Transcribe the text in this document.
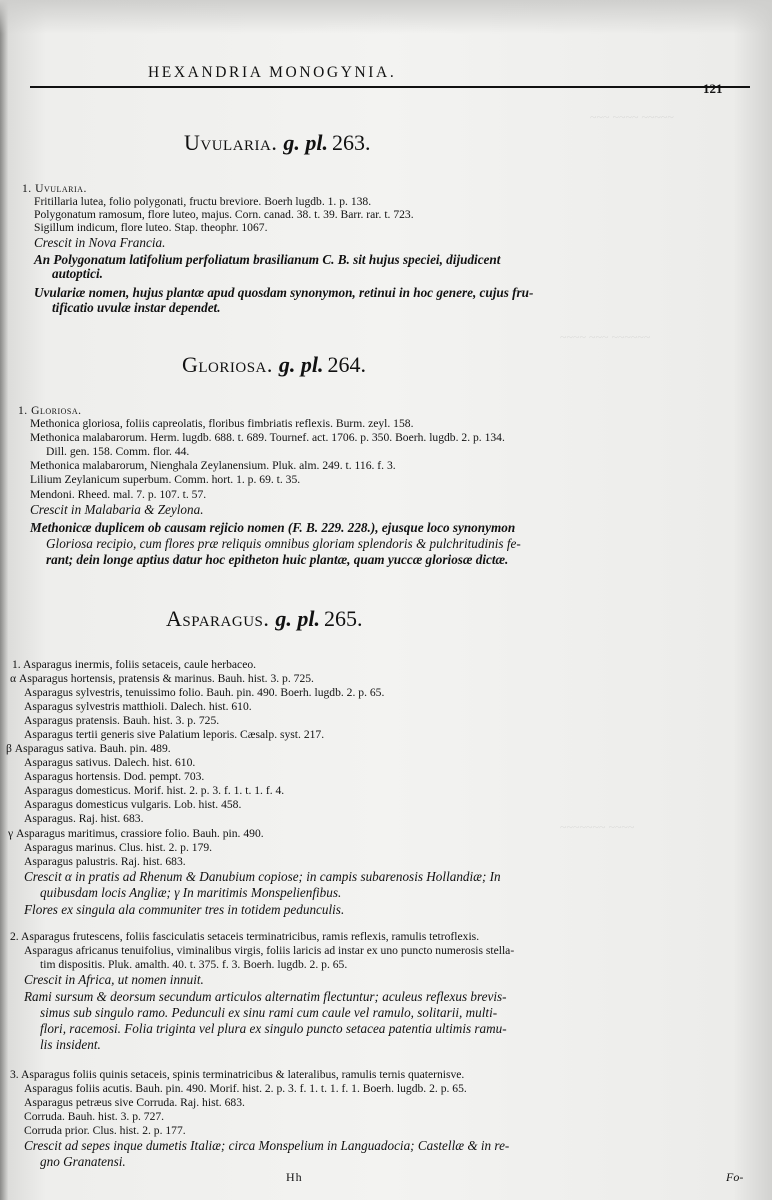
~~~ ~~~~ ~~~~~
~~~~ ~~~ ~~~~~~
~~~~~~~ ~~~~
HEXANDRIA MONOGYNIA.
121
Uvularia. g. pl. 263.
1. Uvularia.
Fritillaria lutea, folio polygonati, fructu breviore. Boerh lugdb. 1. p. 138.
Polygonatum ramosum, flore luteo, majus. Corn. canad. 38. t. 39. Barr. rar. t. 723.
Sigillum indicum, flore luteo. Stap. theophr. 1067.
Crescit in Nova Francia.
An Polygonatum latifolium perfoliatum brasilianum C. B. sit hujus speciei, dijudicent
autoptici.
Uvulariæ nomen, hujus plantæ apud quosdam synonymon, retinui in hoc genere, cujus fru-
tificatio uvulæ instar dependet.
Gloriosa. g. pl. 264.
1. Gloriosa.
Methonica gloriosa, foliis capreolatis, floribus fimbriatis reflexis. Burm. zeyl. 158.
Methonica malabarorum. Herm. lugdb. 688. t. 689. Tournef. act. 1706. p. 350. Boerh. lugdb. 2. p. 134.
Dill. gen. 158. Comm. flor. 44.
Methonica malabarorum, Nienghala Zeylanensium. Pluk. alm. 249. t. 116. f. 3.
Lilium Zeylanicum superbum. Comm. hort. 1. p. 69. t. 35.
Mendoni. Rheed. mal. 7. p. 107. t. 57.
Crescit in Malabaria & Zeylona.
Methonicæ duplicem ob causam rejicio nomen (F. B. 229. 228.), ejusque loco synonymon
Gloriosa recipio, cum flores præ reliquis omnibus gloriam splendoris & pulchritudinis fe-
rant; dein longe aptius datur hoc epitheton huic plantæ, quam yuccæ gloriosæ dictæ.
Asparagus. g. pl. 265.
1. Asparagus inermis, foliis setaceis, caule herbaceo.
α Asparagus hortensis, pratensis & marinus. Bauh. hist. 3. p. 725.
Asparagus sylvestris, tenuissimo folio. Bauh. pin. 490. Boerh. lugdb. 2. p. 65.
Asparagus sylvestris matthioli. Dalech. hist. 610.
Asparagus pratensis. Bauh. hist. 3. p. 725.
Asparagus tertii generis sive Palatium leporis. Cæsalp. syst. 217.
β Asparagus sativa. Bauh. pin. 489.
Asparagus sativus. Dalech. hist. 610.
Asparagus hortensis. Dod. pempt. 703.
Asparagus domesticus. Morif. hist. 2. p. 3. f. 1. t. 1. f. 4.
Asparagus domesticus vulgaris. Lob. hist. 458.
Asparagus. Raj. hist. 683.
γ Asparagus maritimus, crassiore folio. Bauh. pin. 490.
Asparagus marinus. Clus. hist. 2. p. 179.
Asparagus palustris. Raj. hist. 683.
Crescit α in pratis ad Rhenum & Danubium copiose; in campis subarenosis Hollandiæ; In
quibusdam locis Angliæ; γ In maritimis Monspelienfibus.
Flores ex singula ala communiter tres in totidem pedunculis.
2. Asparagus frutescens, foliis fasciculatis setaceis terminatricibus, ramis reflexis, ramulis tetroflexis.
Asparagus africanus tenuifolius, viminalibus virgis, foliis laricis ad instar ex uno puncto numerosis stella-
tim dispositis. Pluk. amalth. 40. t. 375. f. 3. Boerh. lugdb. 2. p. 65.
Crescit in Africa, ut nomen innuit.
Rami sursum & deorsum secundum articulos alternatim flectuntur; aculeus reflexus brevis-
simus sub singulo ramo. Pedunculi ex sinu rami cum caule vel ramulo, solitarii, multi-
flori, racemosi. Folia triginta vel plura ex singulo puncto setacea patentia ultimis ramu-
lis insident.
3. Asparagus foliis quinis setaceis, spinis terminatricibus & lateralibus, ramulis ternis quaternisve.
Asparagus foliis acutis. Bauh. pin. 490. Morif. hist. 2. p. 3. f. 1. t. 1. f. 1. Boerh. lugdb. 2. p. 65.
Asparagus petræus sive Corruda. Raj. hist. 683.
Corruda. Bauh. hist. 3. p. 727.
Corruda prior. Clus. hist. 2. p. 177.
Crescit ad sepes inque dumetis Italiæ; circa Monspelium in Languadocia; Castellæ & in re-
gno Granatensi.
Hh	Fo-
